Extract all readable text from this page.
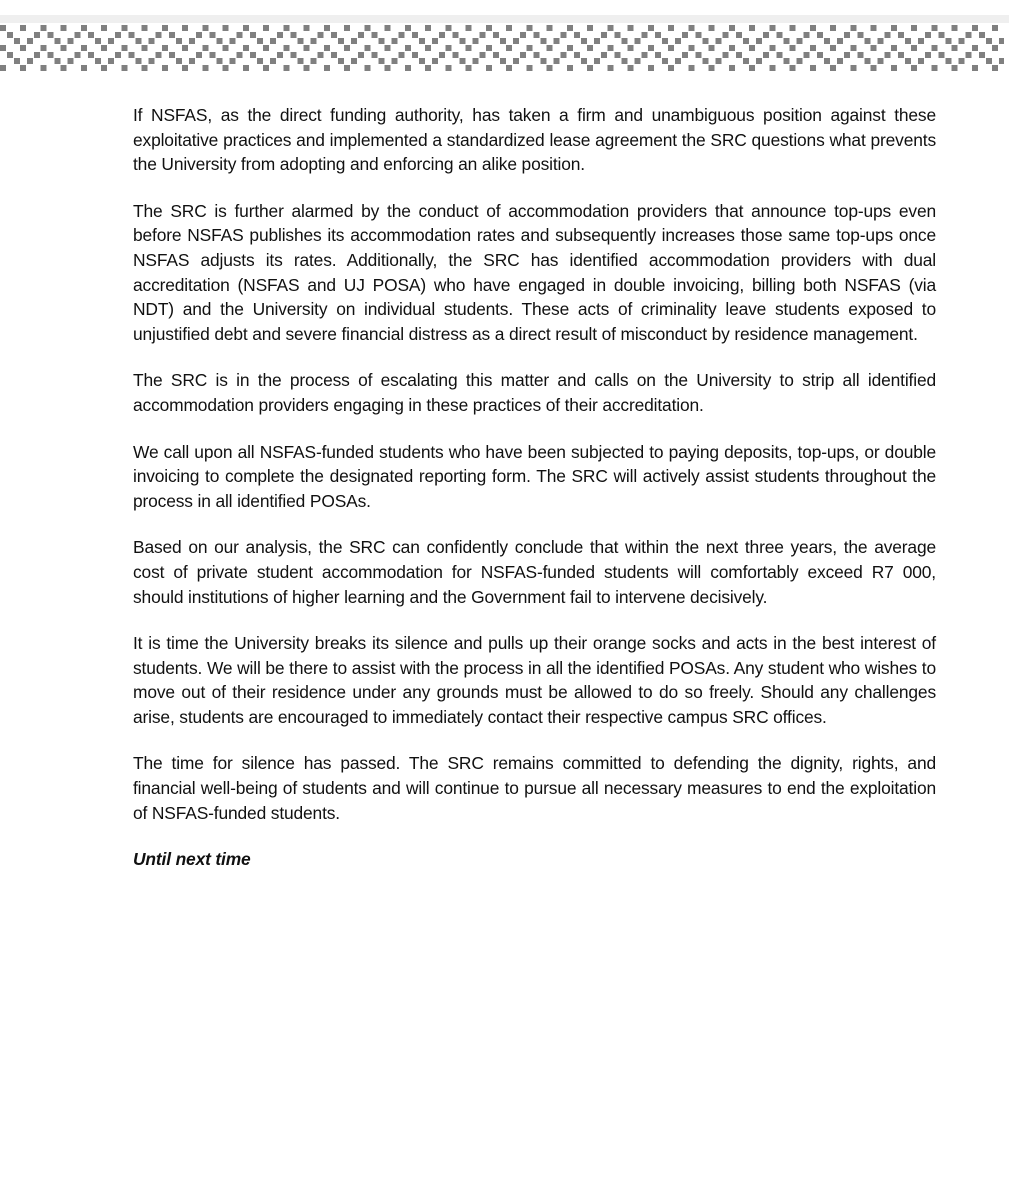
If NSFAS, as the direct funding authority, has taken a firm and unambiguous position against these exploitative practices and implemented a standardized lease agreement the SRC questions what prevents the University from adopting and enforcing an alike position.

The SRC is further alarmed by the conduct of accommodation providers that announce top-ups even before NSFAS publishes its accommodation rates and subsequently increases those same top-ups once NSFAS adjusts its rates. Additionally, the SRC has identified accommodation providers with dual accreditation (NSFAS and UJ POSA) who have engaged in double invoicing, billing both NSFAS (via NDT) and the University on individual students. These acts of criminality leave students exposed to unjustified debt and severe financial distress as a direct result of misconduct by residence management.

The SRC is in the process of escalating this matter and calls on the University to strip all identified accommodation providers engaging in these practices of their accreditation.

We call upon all NSFAS-funded students who have been subjected to paying deposits, top-ups, or double invoicing to complete the designated reporting form. The SRC will actively assist students throughout the process in all identified POSAs.

Based on our analysis, the SRC can confidently conclude that within the next three years, the average cost of private student accommodation for NSFAS-funded students will comfortably exceed R7 000, should institutions of higher learning and the Government fail to intervene decisively.

It is time the University breaks its silence and pulls up their orange socks and acts in the best interest of students. We will be there to assist with the process in all the identified POSAs. Any student who wishes to move out of their residence under any grounds must be allowed to do so freely. Should any challenges arise, students are encouraged to immediately contact their respective campus SRC offices.

The time for silence has passed. The SRC remains committed to defending the dignity, rights, and financial well-being of students and will continue to pursue all necessary measures to end the exploitation of NSFAS-funded students.

Until next time
